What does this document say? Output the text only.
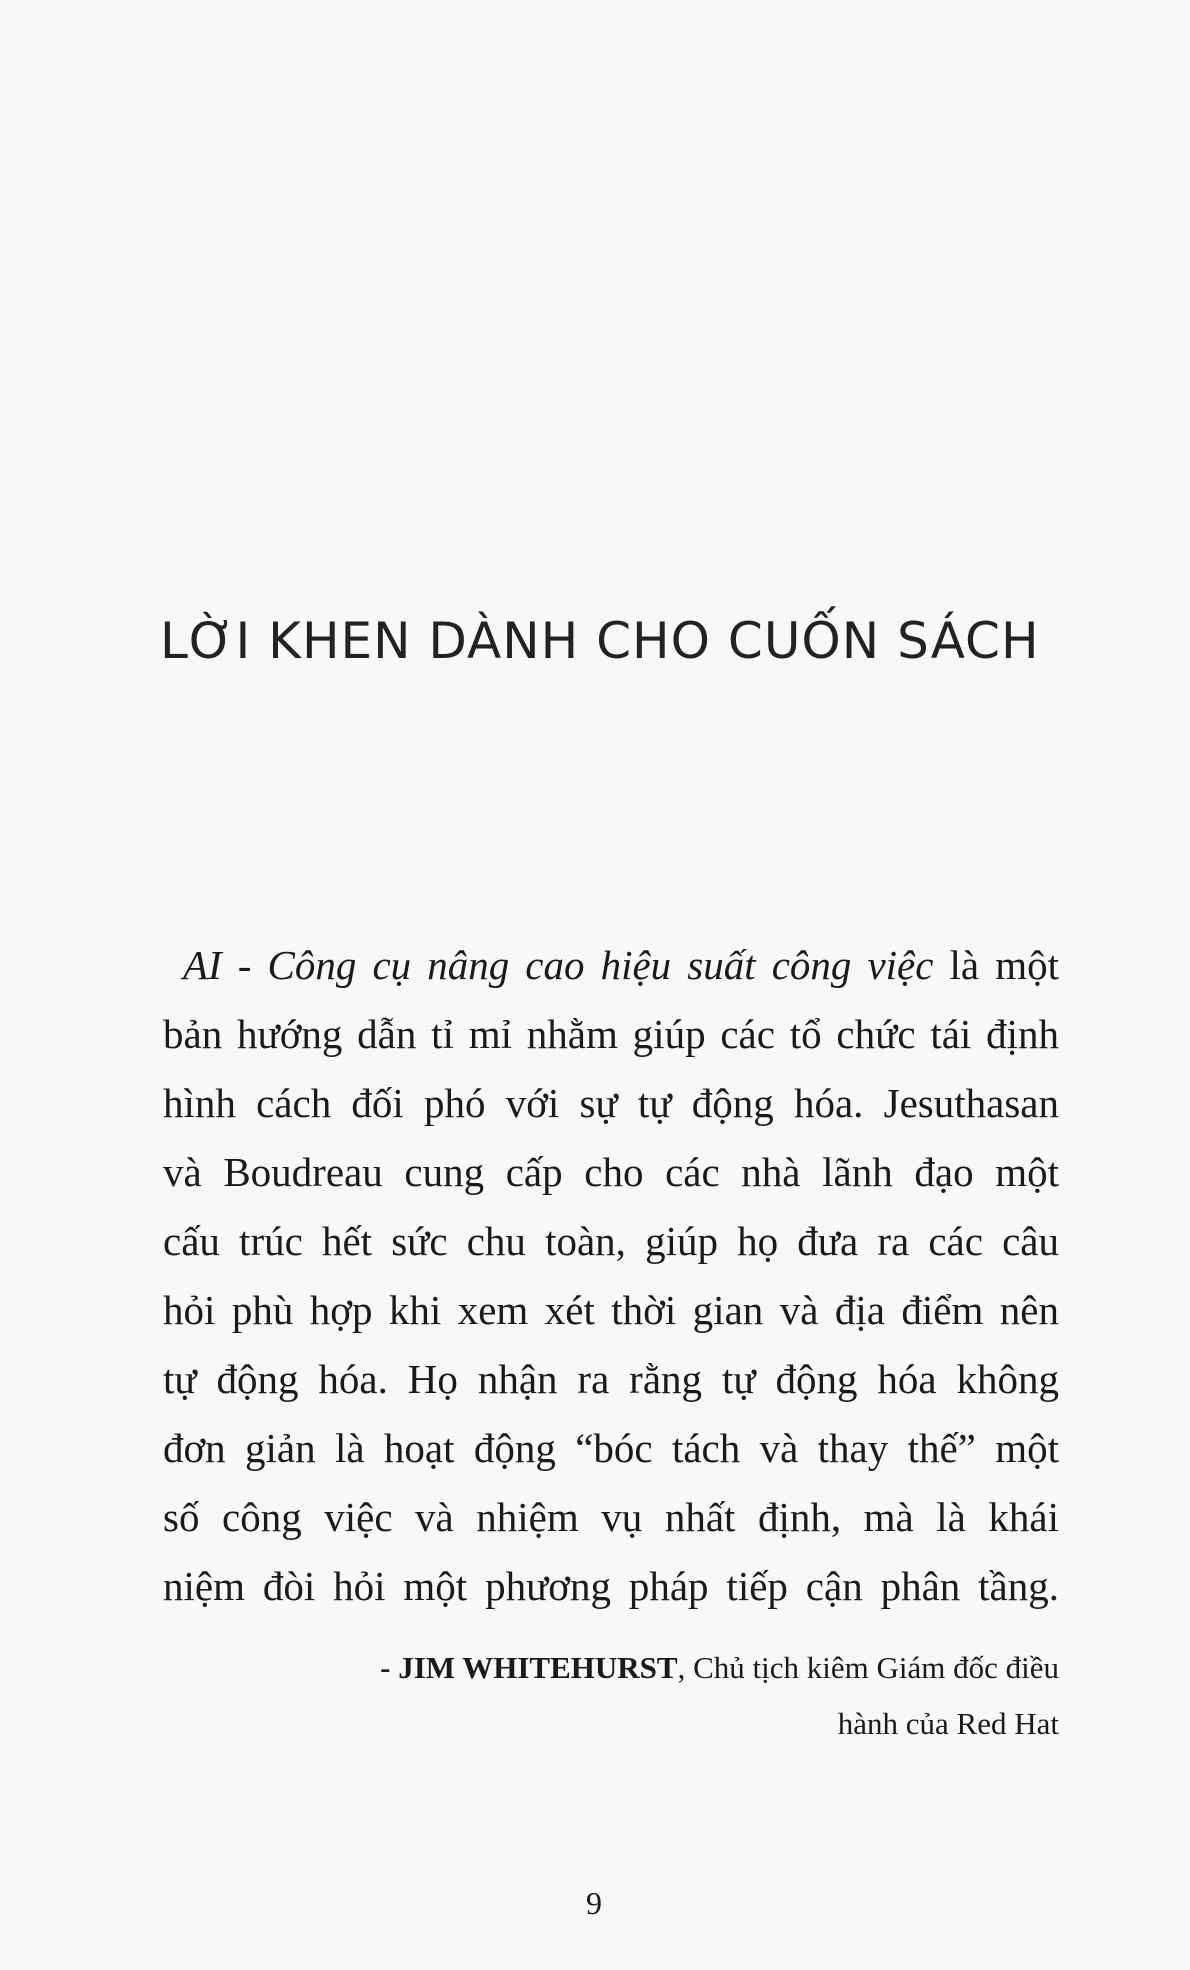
LỜI KHEN DÀNH CHO CUỐN SÁCH
AI - Công cụ nâng cao hiệu suất công việc là một
bản hướng dẫn tỉ mỉ nhằm giúp các tổ chức tái định
hình cách đối phó với sự tự động hóa. Jesuthasan
và Boudreau cung cấp cho các nhà lãnh đạo một
cấu trúc hết sức chu toàn, giúp họ đưa ra các câu
hỏi phù hợp khi xem xét thời gian và địa điểm nên
tự động hóa. Họ nhận ra rằng tự động hóa không
đơn giản là hoạt động “bóc tách và thay thế” một
số công việc và nhiệm vụ nhất định, mà là khái
niệm đòi hỏi một phương pháp tiếp cận phân tầng.
- JIM WHITEHURST, Chủ tịch kiêm Giám đốc điều
hành của Red Hat
9
